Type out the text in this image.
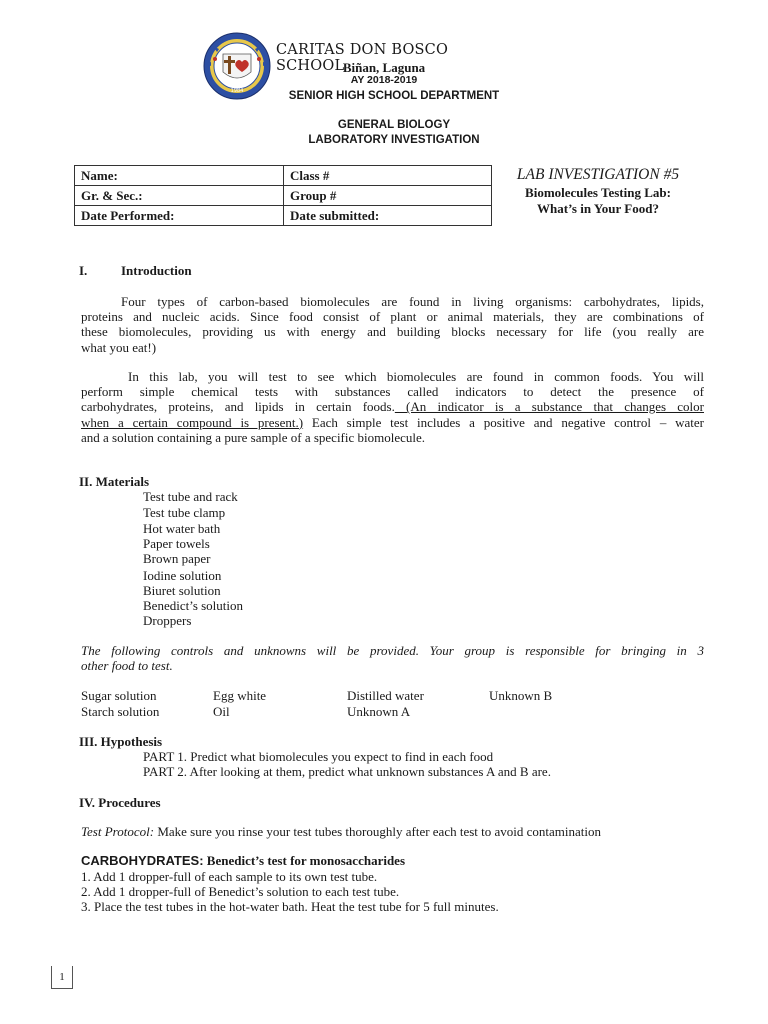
1984
CARITAS DON BOSCO SCHOOL
Biñan, Laguna
AY 2018-2019
SENIOR HIGH SCHOOL DEPARTMENT
GENERAL BIOLOGY
LABORATORY INVESTIGATION
Name:	Class #
Gr. & Sec.:	Group #
Date Performed:	Date submitted:
LAB INVESTIGATION #5
Biomolecules Testing Lab:
What’s in Your Food?
I.	Introduction
Four types of carbon-based biomolecules are found in living organisms: carbohydrates, lipids,
proteins and nucleic acids. Since food consist of plant or animal materials, they are combinations of
these biomolecules, providing us with energy and building blocks necessary for life (you really are
what you eat!)
In this lab, you will test to see which biomolecules are found in common foods. You will
perform simple chemical tests with substances called indicators to detect the presence of
carbohydrates, proteins, and lipids in certain foods. (An indicator is a substance that changes color
when a certain compound is present.) Each simple test includes a positive and negative control – water
and a solution containing a pure sample of a specific biomolecule.
II. Materials
Test tube and rack
Test tube clamp
Hot water bath
Paper towels
Brown paper
Iodine solution
Biuret solution
Benedict’s solution
Droppers
The following controls and unknowns will be provided. Your group is responsible for bringing in 3
other food to test.
Sugar solution	Egg white	Distilled water	Unknown B
Starch solution	Oil	Unknown A
III. Hypothesis
PART 1. Predict what biomolecules you expect to find in each food
PART 2. After looking at them, predict what unknown substances A and B are.
IV. Procedures
Test Protocol: Make sure you rinse your test tubes thoroughly after each test to avoid contamination
CARBOHYDRATES: Benedict’s test for monosaccharides
1. Add 1 dropper-full of each sample to its own test tube.
2. Add 1 dropper-full of Benedict’s solution to each test tube.
3. Place the test tubes in the hot-water bath. Heat the test tube for 5 full minutes.
1
